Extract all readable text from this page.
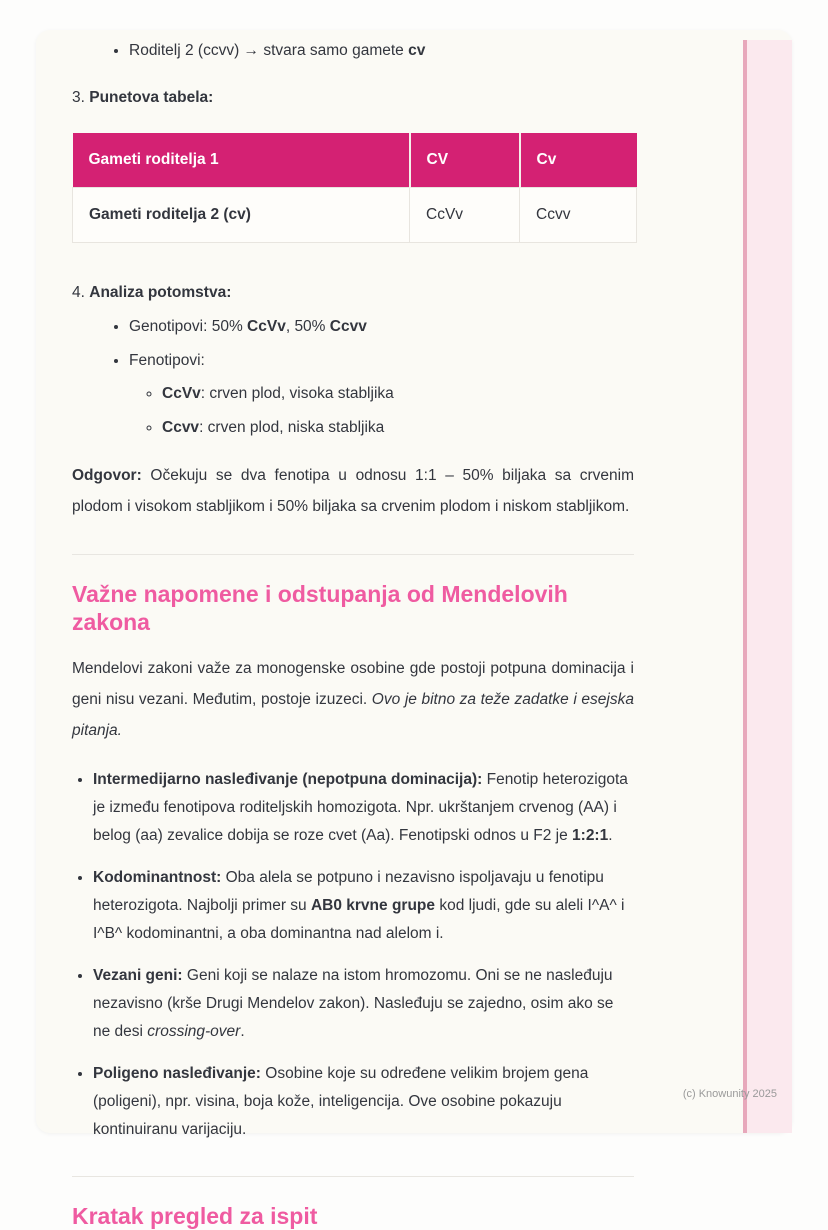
• Roditelj 2 (ccvv) → stvara samo gamete cv
3. Punetova tabela:
Gameti roditelja 1	CV	Cv
Gameti roditelja 2 (cv)	CcVv	Ccvv
4. Analiza potomstva:
• Genotipovi: 50% CcVv, 50% Ccvv
• Fenotipovi:
◦ CcVv: crven plod, visoka stabljika
◦ Ccvv: crven plod, niska stabljika

Odgovor: Očekuju se dva fenotipa u odnosu 1:1 – 50% biljaka sa crvenim plodom i visokom stabljikom i 50% biljaka sa crvenim plodom i niskom stabljikom.

Važne napomene i odstupanja od Mendelovih zakona

Mendelovi zakoni važe za monogenske osobine gde postoji potpuna dominacija i geni nisu vezani. Međutim, postoje izuzeci. Ovo je bitno za teže zadatke i esejska pitanja.

• Intermedijarno nasleđivanje (nepotpuna dominacija): Fenotip heterozigota je između fenotipova roditeljskih homozigota. Npr. ukrštanjem crvenog (AA) i belog (aa) zevalice dobija se roze cvet (Aa). Fenotipski odnos u F2 je 1:2:1.
• Kodominantnost: Oba alela se potpuno i nezavisno ispoljavaju u fenotipu heterozigota. Najbolji primer su AB0 krvne grupe kod ljudi, gde su aleli I^A^ i I^B^ kodominantni, a oba dominantna nad alelom i.
• Vezani geni: Geni koji se nalaze na istom hromozomu. Oni se ne nasleđuju nezavisno (krše Drugi Mendelov zakon). Nasleđuju se zajedno, osim ako se ne desi crossing-over.
• Poligeno nasleđivanje: Osobine koje su određene velikim brojem gena (poligeni), npr. visina, boja kože, inteligencija. Ove osobine pokazuju kontinuiranu varijaciju.
Kratak pregled za ispit
(c) Knowunity 2025
